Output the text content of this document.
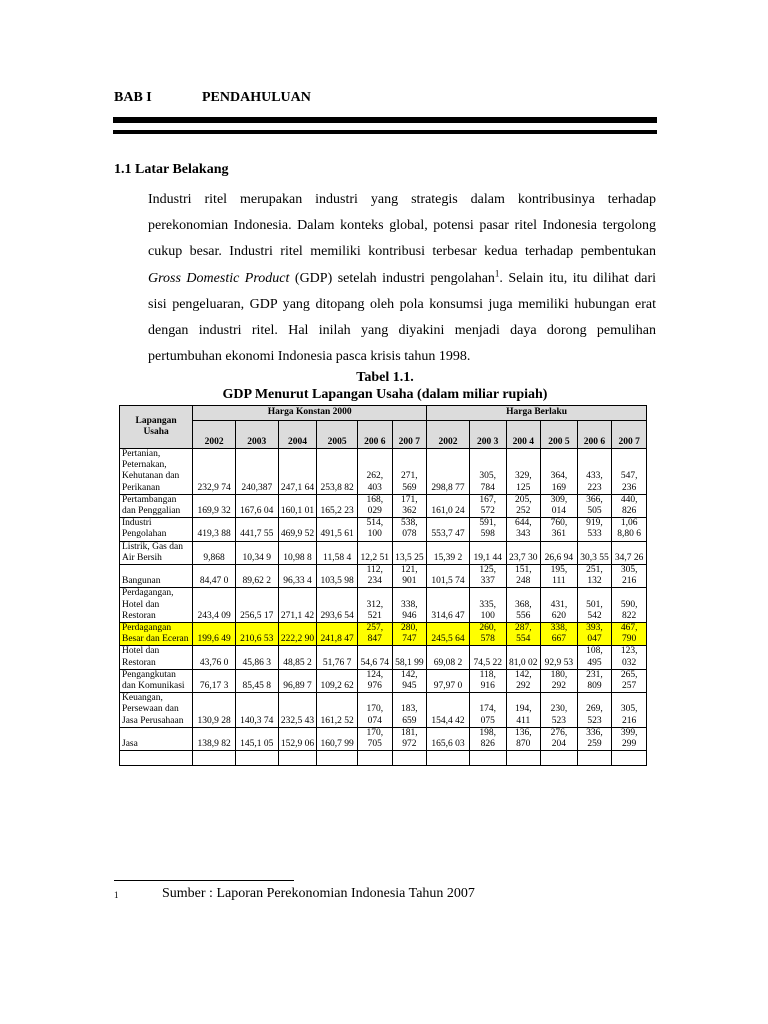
BAB I	PENDAHULUAN
1.1 Latar Belakang

Industri ritel merupakan industri yang strategis dalam kontribusinya terhadap perekonomian Indonesia. Dalam konteks global, potensi pasar ritel Indonesia tergolong cukup besar. Industri ritel memiliki kontribusi terbesar kedua terhadap pembentukan Gross Domestic Product (GDP) setelah industri pengolahan$^1$. Selain itu, itu dilihat dari sisi pengeluaran, GDP yang ditopang oleh pola konsumsi juga memiliki hubungan erat dengan industri ritel. Hal inilah yang diyakini menjadi daya dorong pemulihan pertumbuhan ekonomi Indonesia pasca krisis tahun 1998.

Tabel 1.1.
GDP Menurut Lapangan Usaha (dalam miliar rupiah)
Lapangan Usaha	Harga Konstan 2000						Harga Berlaku					
	2002	2003	2004	2005	200 6	200 7	2002	200 3	200 4	200 5	200 6	200 7
Pertanian, Peternakan, Kehutanan dan Perikanan	232,9 74	240,387	247,1 64	253,8 82	262, 403	271, 569	298,8 77	305, 784	329, 125	364, 169	433, 223	547, 236
Pertambangan dan Penggalian	169,9 32	167,6 04	160,1 01	165,2 23	168, 029	171, 362	161,0 24	167, 572	205, 252	309, 014	366, 505	440, 826
Industri Pengolahan	419,3 88	441,7 55	469,9 52	491,5 61	514, 100	538, 078	553,7 47	591, 598	644, 343	760, 361	919, 533	1,06 8,80 6
Listrik, Gas dan Air Bersih	9,868	10,34 9	10,98 8	11,58 4	12,2 51	13,5 25	15,39 2	19,1 44	23,7 30	26,6 94	30,3 55	34,7 26
Bangunan	84,47 0	89,62 2	96,33 4	103,5 98	112, 234	121, 901	101,5 74	125, 337	151, 248	195, 111	251, 132	305, 216
Perdagangan, Hotel dan Restoran	243,4 09	256,5 17	271,1 42	293,6 54	312, 521	338, 946	314,6 47	335, 100	368, 556	431, 620	501, 542	590, 822
Perdagangan Besar dan Eceran	199,6 49	210,6 53	222,2 90	241,8 47	257, 847	280, 747	245,5 64	260, 578	287, 554	338, 667	393, 047	467, 790
Hotel dan Restoran	43,76 0	45,86 3	48,85 2	51,76 7	54,6 74	58,1 99	69,08 2	74,5 22	81,0 02	92,9 53	108, 495	123, 032
Pengangkutan dan Komunikasi	76,17 3	85,45 8	96,89 7	109,2 62	124, 976	142, 945	97,97 0	118, 916	142, 292	180, 292	231, 809	265, 257
Keuangan, Persewaan dan Jasa Perusahaan	130,9 28	140,3 74	232,5 43	161,2 52	170, 074	183, 659	154,4 42	174, 075	194, 411	230, 523	269, 523	305, 216
Jasa	138,9 82	145,1 05	152,9 06	160,7 99	170, 705	181, 972	165,6 03	198, 826	136, 870	276, 204	336, 259	399, 299

1	Sumber : Laporan Perekonomian Indonesia Tahun 2007
